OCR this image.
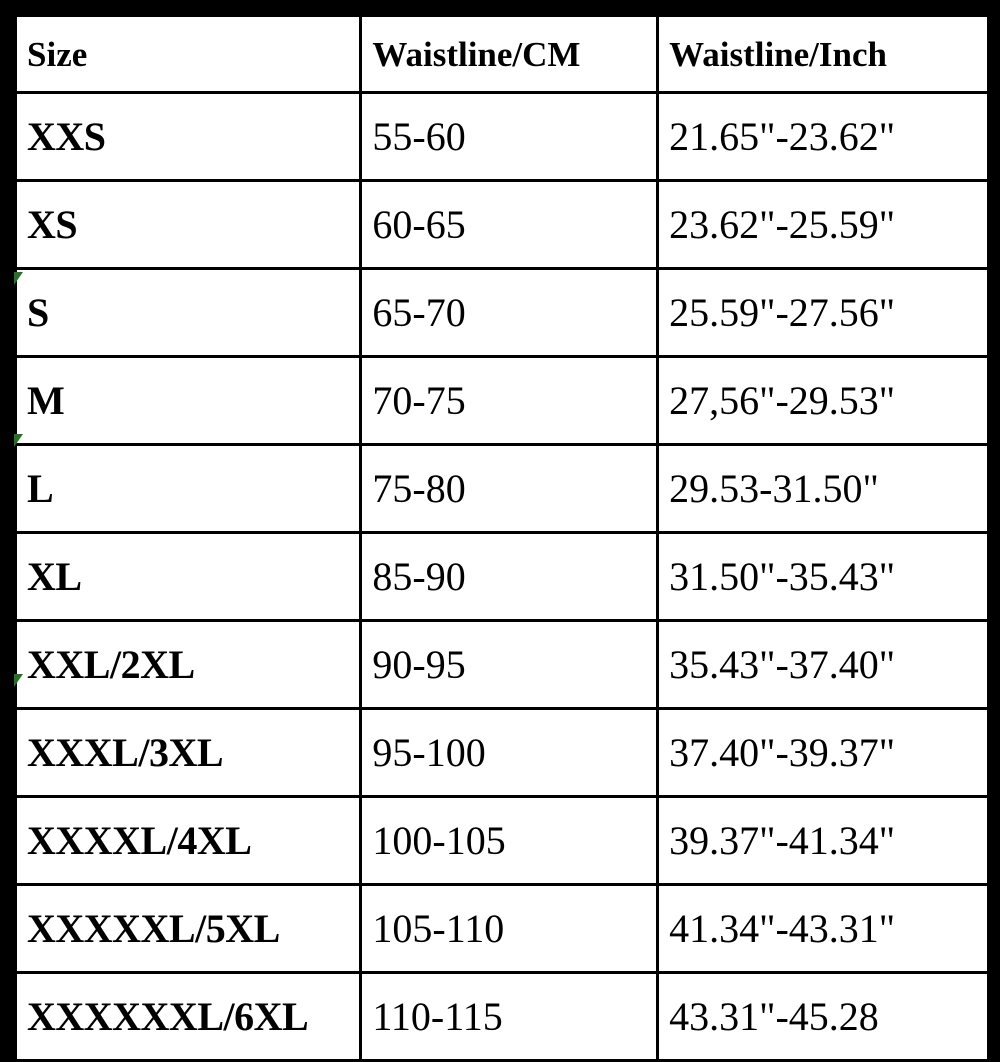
Size	Waistline/CM	Waistline/Inch
XXS	55-60	21.65"-23.62"
XS	60-65	23.62"-25.59"
S	65-70	25.59"-27.56"
M	70-75	27,56"-29.53"
L	75-80	29.53-31.50"
XL	85-90	31.50"-35.43"
XXL/2XL	90-95	35.43"-37.40"
XXXL/3XL	95-100	37.40"-39.37"
XXXXL/4XL	100-105	39.37"-41.34"
XXXXXL/5XL	105-110	41.34"-43.31"
XXXXXXL/6XL	110-115	43.31"-45.28
